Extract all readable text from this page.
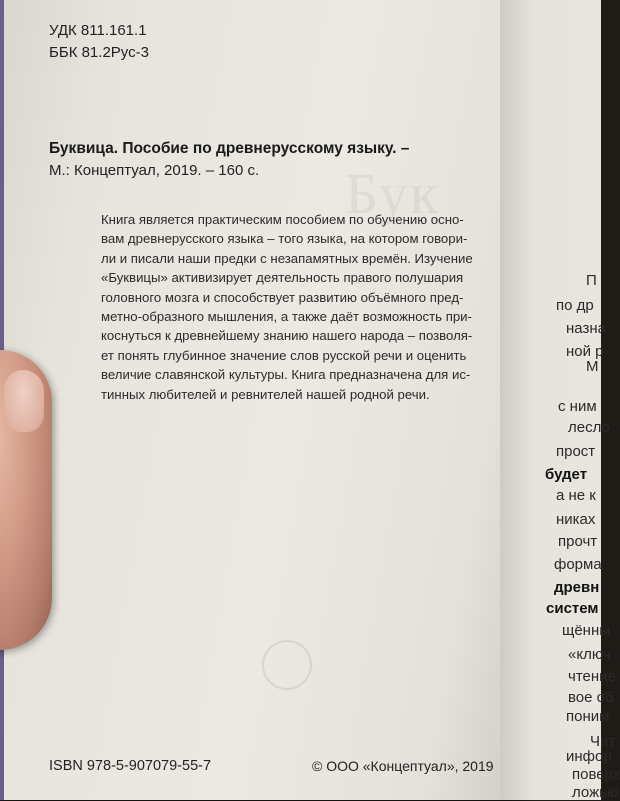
УДК 811.161.1
ББК 81.2Рус-3
Буквица. Пособие по древнерусскому языку. –
М.: Концептуал, 2019. – 160 с. Бук
Книга является практическим пособием по обучению осно-
вам древнерусского языка – того языка, на котором говори-
ли и писали наши предки с незапамятных времён. Изучение
«Буквицы» активизирует деятельность правого полушария
головного мозга и способствует развитию объёмного пред-
метно-образного мышления, а также даёт возможность при-
коснуться к древнейшему знанию нашего народа – позволя-
ет понять глубинное значение слов русской речи и оценить
величие славянской культуры. Книга предназначена для ис-
тинных любителей и ревнителей нашей родной речи.
ISBN 978-5-907079-55-7	© ООО «Концептуал», 2019
П
по др
назна
ной р
М
с ним
лесло
прост
будет
а не к
никах
прочт
форма
древн
систем
щённы
«ключ
чтение
вое об
поним
Чит
инфор
поверх
ложью
